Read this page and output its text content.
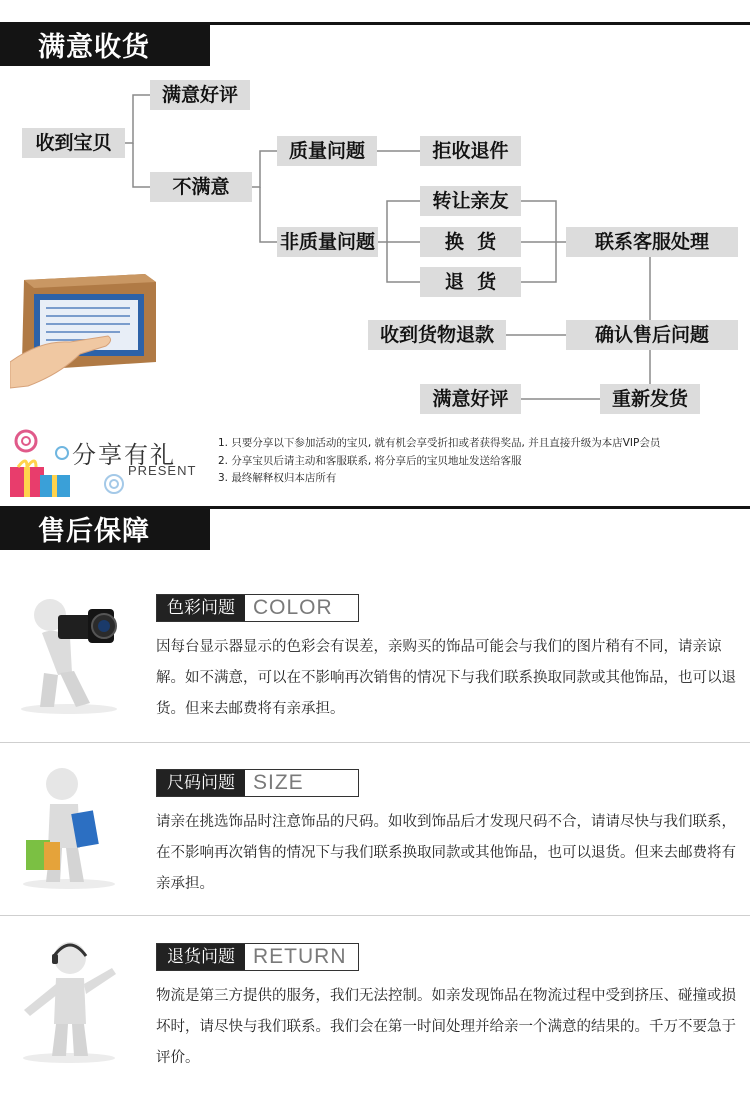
满意收货
收到宝贝
满意好评
不满意
质量问题	拒收退件
非质量问题
转让亲友
换  货
退  货
联系客服处理
收到货物退款	确认售后问题
满意好评	重新发货
分享有礼
PRESENT
1. 只要分享以下参加活动的宝贝, 就有机会享受折扣或者获得奖品, 并且直接升级为本店VIP会员
2. 分享宝贝后请主动和客服联系, 将分享后的宝贝地址发送给客服
3. 最终解释权归本店所有
售后保障
色彩问题 COLOR
因每台显示器显示的色彩会有误差，亲购买的饰品可能会与我们的图片稍有不同，请亲谅解。如不满意，可以在不影响再次销售的情况下与我们联系换取同款或其他饰品，也可以退货。但来去邮费将有亲承担。
尺码问题 SIZE
请亲在挑选饰品时注意饰品的尺码。如收到饰品后才发现尺码不合，请请尽快与我们联系，在不影响再次销售的情况下与我们联系换取同款或其他饰品，也可以退货。但来去邮费将有亲承担。
退货问题 RETURN
物流是第三方提供的服务，我们无法控制。如亲发现饰品在物流过程中受到挤压、碰撞或损坏时，请尽快与我们联系。我们会在第一时间处理并给亲一个满意的结果的。千万不要急于评价。
